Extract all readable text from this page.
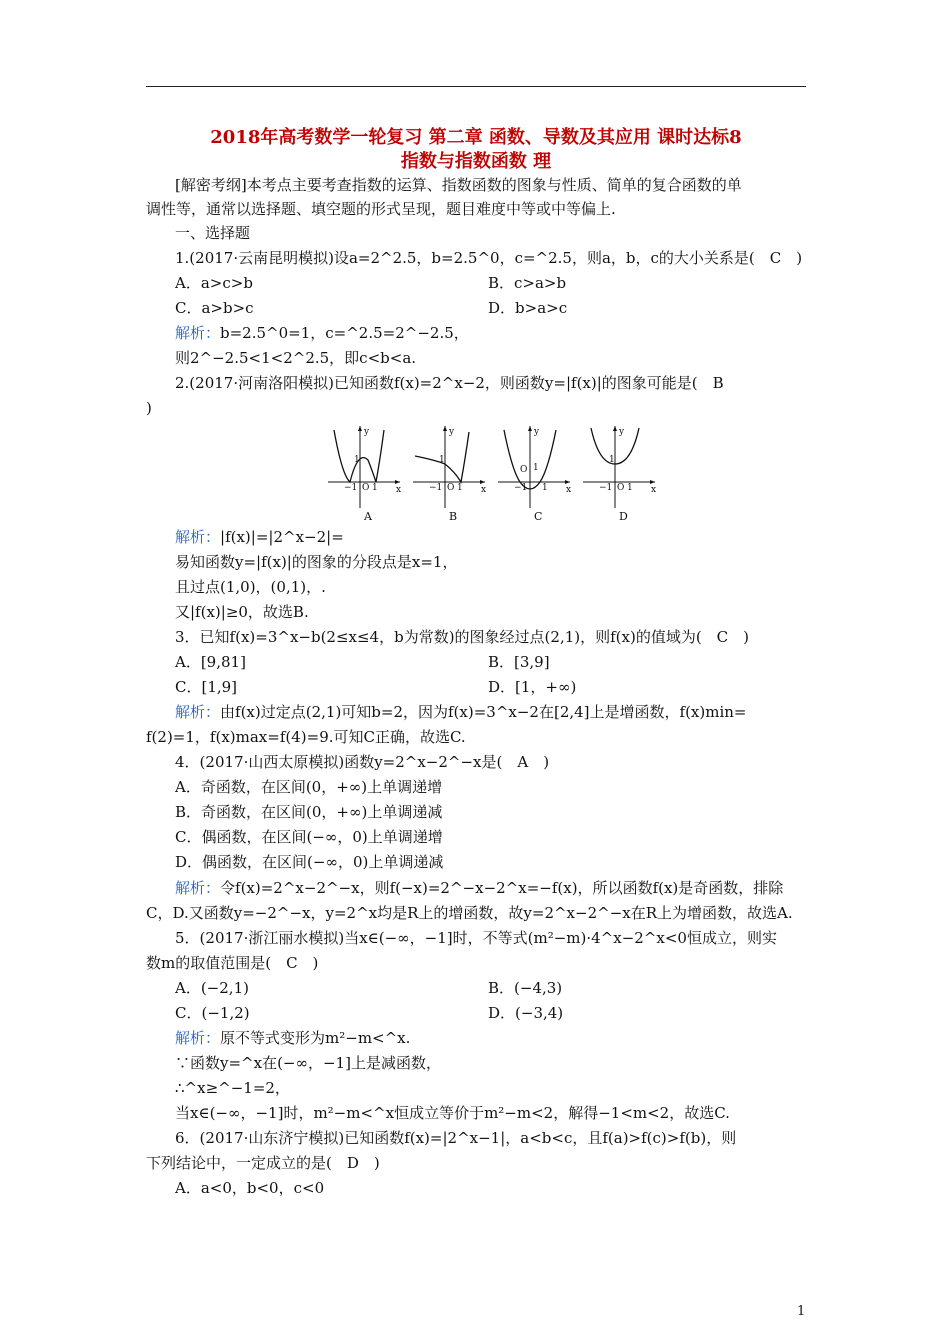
2018年高考数学一轮复习 第二章 函数、导数及其应用 课时达标8
指数与指数函数 理
[解密考纲]本考点主要考查指数的运算、指数函数的图象与性质、简单的复合函数的单
调性等，通常以选择题、填空题的形式呈现，题目难度中等或中等偏上.
一、选择题
1.(2017·云南昆明模拟)设a=2^2.5，b=2.5^0，c=^2.5，则a，b，c的大小关系是(　C　)
A．a>c>b	B．c>a>b
C．a>b>c	D．b>a>c
解析：b=2.5^0=1，c=^2.5=2^−2.5，
则2^−2.5<1<2^2.5，即c<b<a.
2.(2017·河南洛阳模拟)已知函数f(x)=2^x−2，则函数y=|f(x)|的图象可能是(　B
)
y
x
O
−1 1
1
A
y
x
O
−1 1
1
B
y
x
O
−1 1
1
C
y
x
O
−1 1
1
D
解析：|f(x)|=|2^x−2|=
易知函数y=|f(x)|的图象的分段点是x=1，
且过点(1,0)，(0,1)，.
又|f(x)|≥0，故选B.
3．已知f(x)=3^x−b(2≤x≤4，b为常数)的图象经过点(2,1)，则f(x)的值域为(　C　)
A．[9,81]	B．[3,9]
C．[1,9]	D．[1，+∞)
解析：由f(x)过定点(2,1)可知b=2，因为f(x)=3^x−2在[2,4]上是增函数，f(x)min=
f(2)=1，f(x)max=f(4)=9.可知C正确，故选C.
4．(2017·山西太原模拟)函数y=2^x−2^−x是(　A　)
A．奇函数，在区间(0，+∞)上单调递增
B．奇函数，在区间(0，+∞)上单调递减
C．偶函数，在区间(−∞，0)上单调递增
D．偶函数，在区间(−∞，0)上单调递减
解析：令f(x)=2^x−2^−x，则f(−x)=2^−x−2^x=−f(x)，所以函数f(x)是奇函数，排除
C，D.又函数y=−2^−x，y=2^x均是R上的增函数，故y=2^x−2^−x在R上为增函数，故选A.
5．(2017·浙江丽水模拟)当x∈(−∞，−1]时，不等式(m²−m)·4^x−2^x<0恒成立，则实
数m的取值范围是(　C　)
A．(−2,1)	B．(−4,3)
C．(−1,2)	D．(−3,4)
解析：原不等式变形为m²−m<^x.
∵函数y=^x在(−∞，−1]上是减函数，
∴^x≥^−1=2，
当x∈(−∞，−1]时，m²−m<^x恒成立等价于m²−m<2，解得−1<m<2，故选C.
6．(2017·山东济宁模拟)已知函数f(x)=|2^x−1|，a<b<c，且f(a)>f(c)>f(b)，则
下列结论中，一定成立的是(　D　)
A．a<0，b<0，c<0
1
